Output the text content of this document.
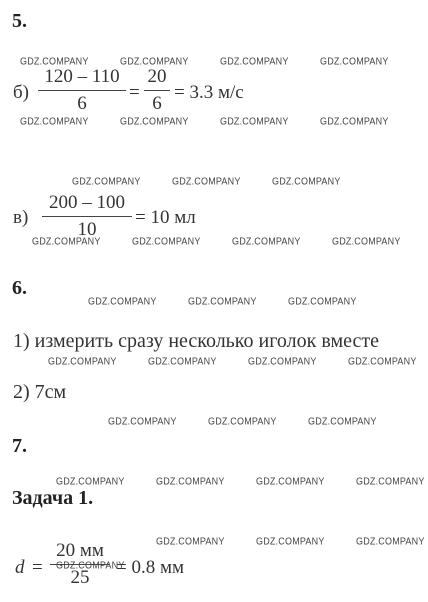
5.
б)
120 – 110
6
=
20
6
= 3.3 м/с
в)
200 – 100
10
= 10 мл
6.
1) измерить сразу несколько иголок вместе
2) 7см
7.
Задача 1.
d =
20 мм
25	= 0.8 мм
GDZ.COMPANY	GDZ.COMPANY	GDZ.COMPANY	GDZ.COMPANY
GDZ.COMPANY	GDZ.COMPANY	GDZ.COMPANY	GDZ.COMPANY
GDZ.COMPANY	GDZ.COMPANY	GDZ.COMPANY
GDZ.COMPANY	GDZ.COMPANY	GDZ.COMPANY	GDZ.COMPANY
GDZ.COMPANY	GDZ.COMPANY	GDZ.COMPANY
GDZ.COMPANY	GDZ.COMPANY	GDZ.COMPANY	GDZ.COMPANY
GDZ.COMPANY	GDZ.COMPANY	GDZ.COMPANY
GDZ.COMPANY	GDZ.COMPANY	GDZ.COMPANY	GDZ.COMPANY
GDZ.COMPANY
GDZ.COMPANY	GDZ.COMPANY	GDZ.COMPANY
